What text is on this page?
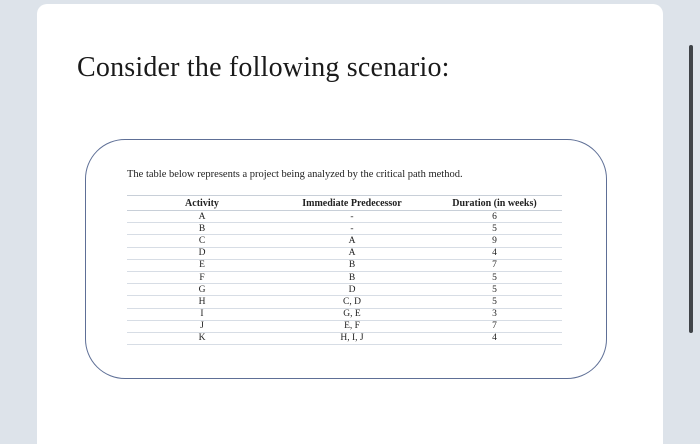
Consider the following scenario:

The table below represents a project being analyzed by the critical path method.

Activity	Immediate Predecessor	Duration (in weeks)
A	-	6
B	-	5
C	A	9
D	A	4
E	B	7
F	B	5
G	D	5
H	C, D	5
I	G, E	3
J	E, F	7
K	H, I, J	4
